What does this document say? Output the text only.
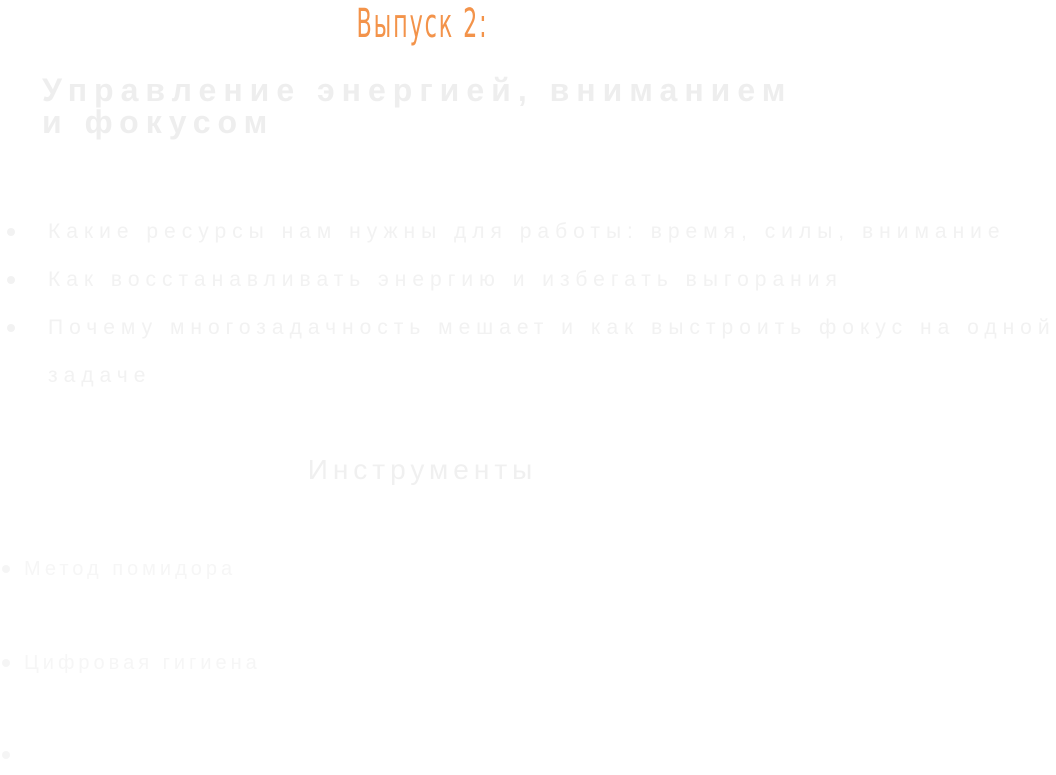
Выпуск 2:
Управление энергией, вниманием и фокусом
Какие ресурсы нам нужны для работы: время, силы, внимание
Как восстанавливать энергию и избегать выгорания
Почему многозадачность мешает и как выстроить фокус на одной
задаче
Инструменты
Метод помидора
Цифровая гигиена
